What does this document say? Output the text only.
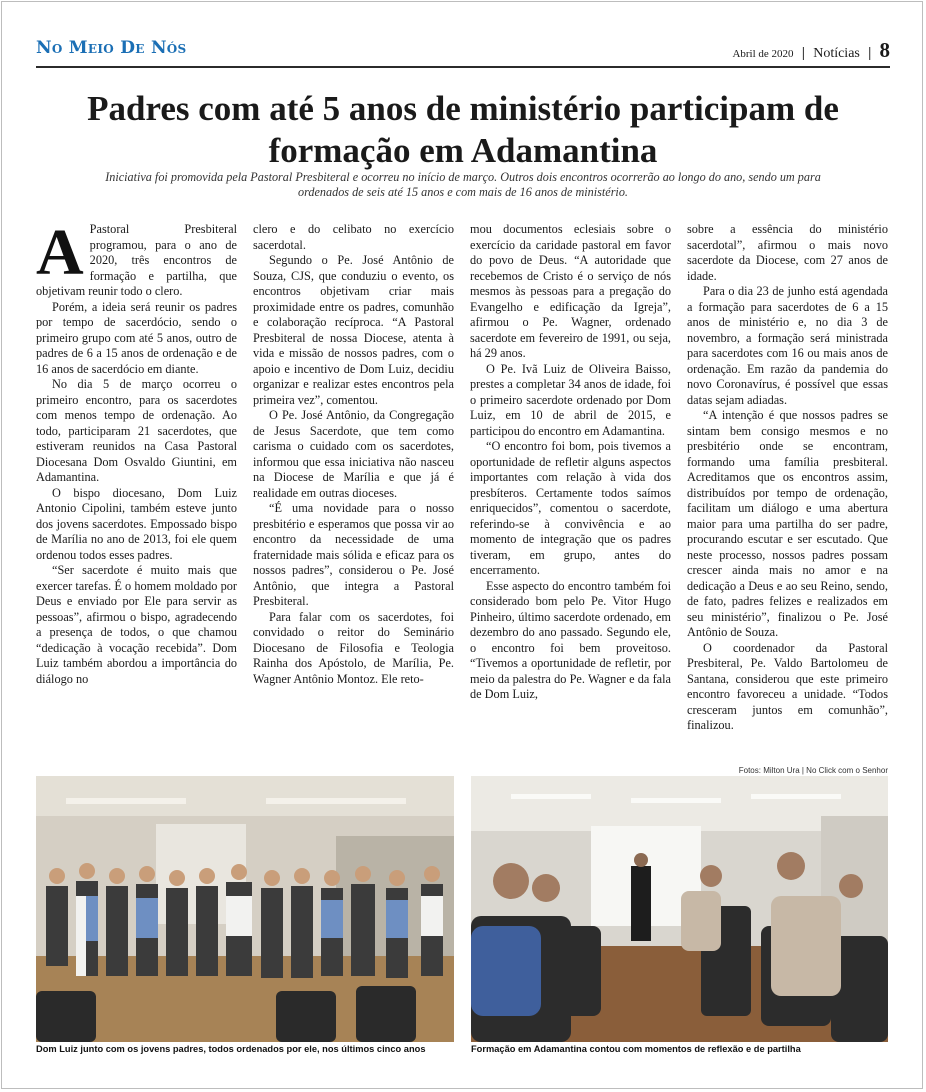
No Meio De Nós	Abril de 2020 | Notícias | 8
Padres com até 5 anos de ministério participam de formação em Adamantina
Iniciativa foi promovida pela Pastoral Presbiteral e ocorreu no início de março. Outros dois encontros ocorrerão ao longo do ano, sendo um para ordenados de seis até 15 anos e com mais de 16 anos de ministério.

A Pastoral Presbiteral programou, para o ano de 2020, três encontros de formação e partilha, que objetivam reunir todo o clero.

Porém, a ideia será reunir os padres por tempo de sacerdócio, sendo o primeiro grupo com até 5 anos, outro de padres de 6 a 15 anos de ordenação e de 16 anos de sacerdócio em diante.

No dia 5 de março ocorreu o primeiro encontro, para os sacerdotes com menos tempo de ordenação. Ao todo, participaram 21 sacerdotes, que estiveram reunidos na Casa Pastoral Diocesana Dom Osvaldo Giuntini, em Adamantina.

O bispo diocesano, Dom Luiz Antonio Cipolini, também esteve junto dos jovens sacerdotes. Empossado bispo de Marília no ano de 2013, foi ele quem ordenou todos esses padres.

“Ser sacerdote é muito mais que exercer tarefas. É o homem moldado por Deus e enviado por Ele para servir as pessoas”, afirmou o bispo, agradecendo a presença de todos, o que chamou “dedicação à vocação recebida”. Dom Luiz também abordou a importância do diálogo no

clero e do celibato no exercício sacerdotal.

Segundo o Pe. José Antônio de Souza, CJS, que conduziu o evento, os encontros objetivam criar mais proximidade entre os padres, comunhão e colaboração recíproca. “A Pastoral Presbiteral de nossa Diocese, atenta à vida e missão de nossos padres, com o apoio e incentivo de Dom Luiz, decidiu organizar e realizar estes encontros pela primeira vez”, comentou.

O Pe. José Antônio, da Congregação de Jesus Sacerdote, que tem como carisma o cuidado com os sacerdotes, informou que essa iniciativa não nasceu na Diocese de Marília e que já é realidade em outras dioceses.

“É uma novidade para o nosso presbitério e esperamos que possa vir ao encontro da necessidade de uma fraternidade mais sólida e eficaz para os nossos padres”, considerou o Pe. José Antônio, que integra a Pastoral Presbiteral.

Para falar com os sacerdotes, foi convidado o reitor do Seminário Diocesano de Filosofia e Teologia Rainha dos Apóstolo, de Marília, Pe. Wagner Antônio Montoz. Ele reto-

mou documentos eclesiais sobre o exercício da caridade pastoral em favor do povo de Deus. “A autoridade que recebemos de Cristo é o serviço de nós mesmos às pessoas para a pregação do Evangelho e edificação da Igreja”, afirmou o Pe. Wagner, ordenado sacerdote em fevereiro de 1991, ou seja, há 29 anos.

O Pe. Ivã Luiz de Oliveira Baisso, prestes a completar 34 anos de idade, foi o primeiro sacerdote ordenado por Dom Luiz, em 10 de abril de 2015, e participou do encontro em Adamantina.

“O encontro foi bom, pois tivemos a oportunidade de refletir alguns aspectos importantes com relação à vida dos presbíteros. Certamente todos saímos enriquecidos”, comentou o sacerdote, referindo-se à convivência e ao momento de integração que os padres tiveram, em grupo, antes do encerramento.

Esse aspecto do encontro também foi considerado bom pelo Pe. Vitor Hugo Pinheiro, último sacerdote ordenado, em dezembro do ano passado. Segundo ele, o encontro foi bem proveitoso. “Tivemos a oportunidade de refletir, por meio da palestra do Pe. Wagner e da fala de Dom Luiz,

sobre a essência do ministério sacerdotal”, afirmou o mais novo sacerdote da Diocese, com 27 anos de idade.

Para o dia 23 de junho está agendada a formação para sacerdotes de 6 a 15 anos de ministério e, no dia 3 de novembro, a formação será ministrada para sacerdotes com 16 ou mais anos de ordenação. Em razão da pandemia do novo Coronavírus, é possível que essas datas sejam adiadas.

“A intenção é que nossos padres se sintam bem consigo mesmos e no presbitério onde se encontram, formando uma família presbiteral. Acreditamos que os encontros assim, distribuídos por tempo de ordenação, facilitam um diálogo e uma abertura maior para uma partilha do ser padre, procurando escutar e ser escutado. Que neste processo, nossos padres possam crescer ainda mais no amor e na dedicação a Deus e ao seu Reino, sendo, de fato, padres felizes e realizados em seu ministério”, finalizou o Pe. José Antônio de Souza.

O coordenador da Pastoral Presbiteral, Pe. Valdo Bartolomeu de Santana, considerou que este primeiro encontro favoreceu a unidade. “Todos cresceram juntos em comunhão”, finalizou.

Fotos: Milton Ura | No Click com o Senhor
Dom Luiz junto com os jovens padres, todos ordenados por ele, nos últimos cinco anos	Formação em Adamantina contou com momentos de reflexão e de partilha
